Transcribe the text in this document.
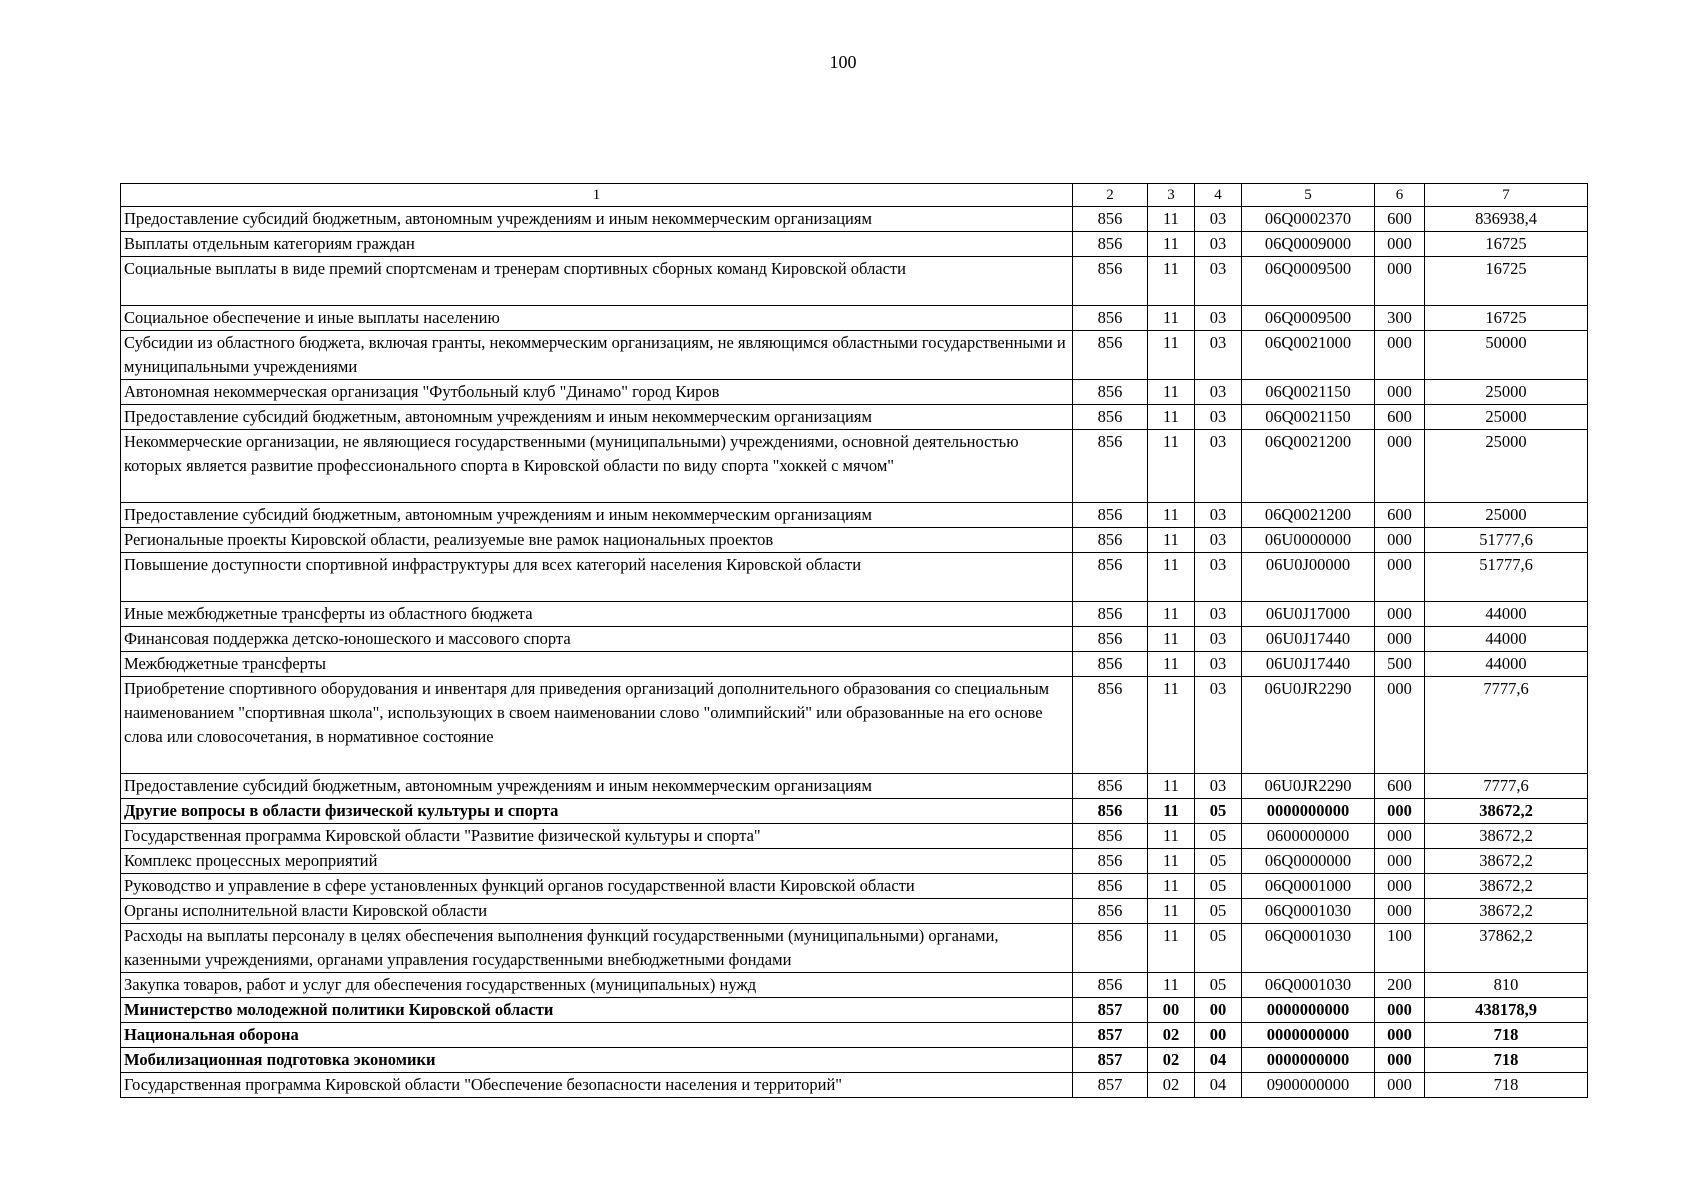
100
1	2	3	4	5	6	7
Предоставление субсидий бюджетным, автономным учреждениям и иным некоммерческим организациям	856	11	03	06Q0002370	600	836938,4
Выплаты отдельным категориям граждан	856	11	03	06Q0009000	000	16725
Социальные выплаты в виде премий спортсменам и тренерам спортивных сборных команд Кировской области	856	11	03	06Q0009500	000	16725
Социальное обеспечение и иные выплаты населению	856	11	03	06Q0009500	300	16725
Субсидии из областного бюджета, включая гранты, некоммерческим организациям, не являющимся областными государственными и муниципальными учреждениями	856	11	03	06Q0021000	000	50000
Автономная некоммерческая организация "Футбольный клуб "Динамо" город Киров	856	11	03	06Q0021150	000	25000
Предоставление субсидий бюджетным, автономным учреждениям и иным некоммерческим организациям	856	11	03	06Q0021150	600	25000
Некоммерческие организации, не являющиеся государственными (муниципальными) учреждениями, основной деятельностью которых является развитие профессионального спорта в Кировской области по виду спорта "хоккей с мячом"	856	11	03	06Q0021200	000	25000
Предоставление субсидий бюджетным, автономным учреждениям и иным некоммерческим организациям	856	11	03	06Q0021200	600	25000
Региональные проекты Кировской области, реализуемые вне рамок национальных проектов	856	11	03	06U0000000	000	51777,6
Повышение доступности спортивной инфраструктуры для всех категорий населения Кировской области	856	11	03	06U0J00000	000	51777,6
Иные межбюджетные трансферты из областного бюджета	856	11	03	06U0J17000	000	44000
Финансовая поддержка детско-юношеского и массового спорта	856	11	03	06U0J17440	000	44000
Межбюджетные трансферты	856	11	03	06U0J17440	500	44000
Приобретение спортивного оборудования и инвентаря для приведения организаций дополнительного образования со специальным наименованием "спортивная школа", использующих в своем наименовании слово "олимпийский" или образованные на его основе слова или словосочетания, в нормативное состояние	856	11	03	06U0JR2290	000	7777,6
Предоставление субсидий бюджетным, автономным учреждениям и иным некоммерческим организациям	856	11	03	06U0JR2290	600	7777,6
Другие вопросы в области физической культуры и спорта	856	11	05	0000000000	000	38672,2
Государственная программа Кировской области "Развитие физической культуры и спорта"	856	11	05	0600000000	000	38672,2
Комплекс процессных мероприятий	856	11	05	06Q0000000	000	38672,2
Руководство и управление в сфере установленных функций органов государственной власти Кировской области	856	11	05	06Q0001000	000	38672,2
Органы исполнительной власти Кировской области	856	11	05	06Q0001030	000	38672,2
Расходы на выплаты персоналу в целях обеспечения выполнения функций государственными (муниципальными) органами, казенными учреждениями, органами управления государственными внебюджетными фондами	856	11	05	06Q0001030	100	37862,2
Закупка товаров, работ и услуг для обеспечения государственных (муниципальных) нужд	856	11	05	06Q0001030	200	810
Министерство молодежной политики Кировской области	857	00	00	0000000000	000	438178,9
Национальная оборона	857	02	00	0000000000	000	718
Мобилизационная подготовка экономики	857	02	04	0000000000	000	718
Государственная программа Кировской области "Обеспечение безопасности населения и территорий"	857	02	04	0900000000	000	718
